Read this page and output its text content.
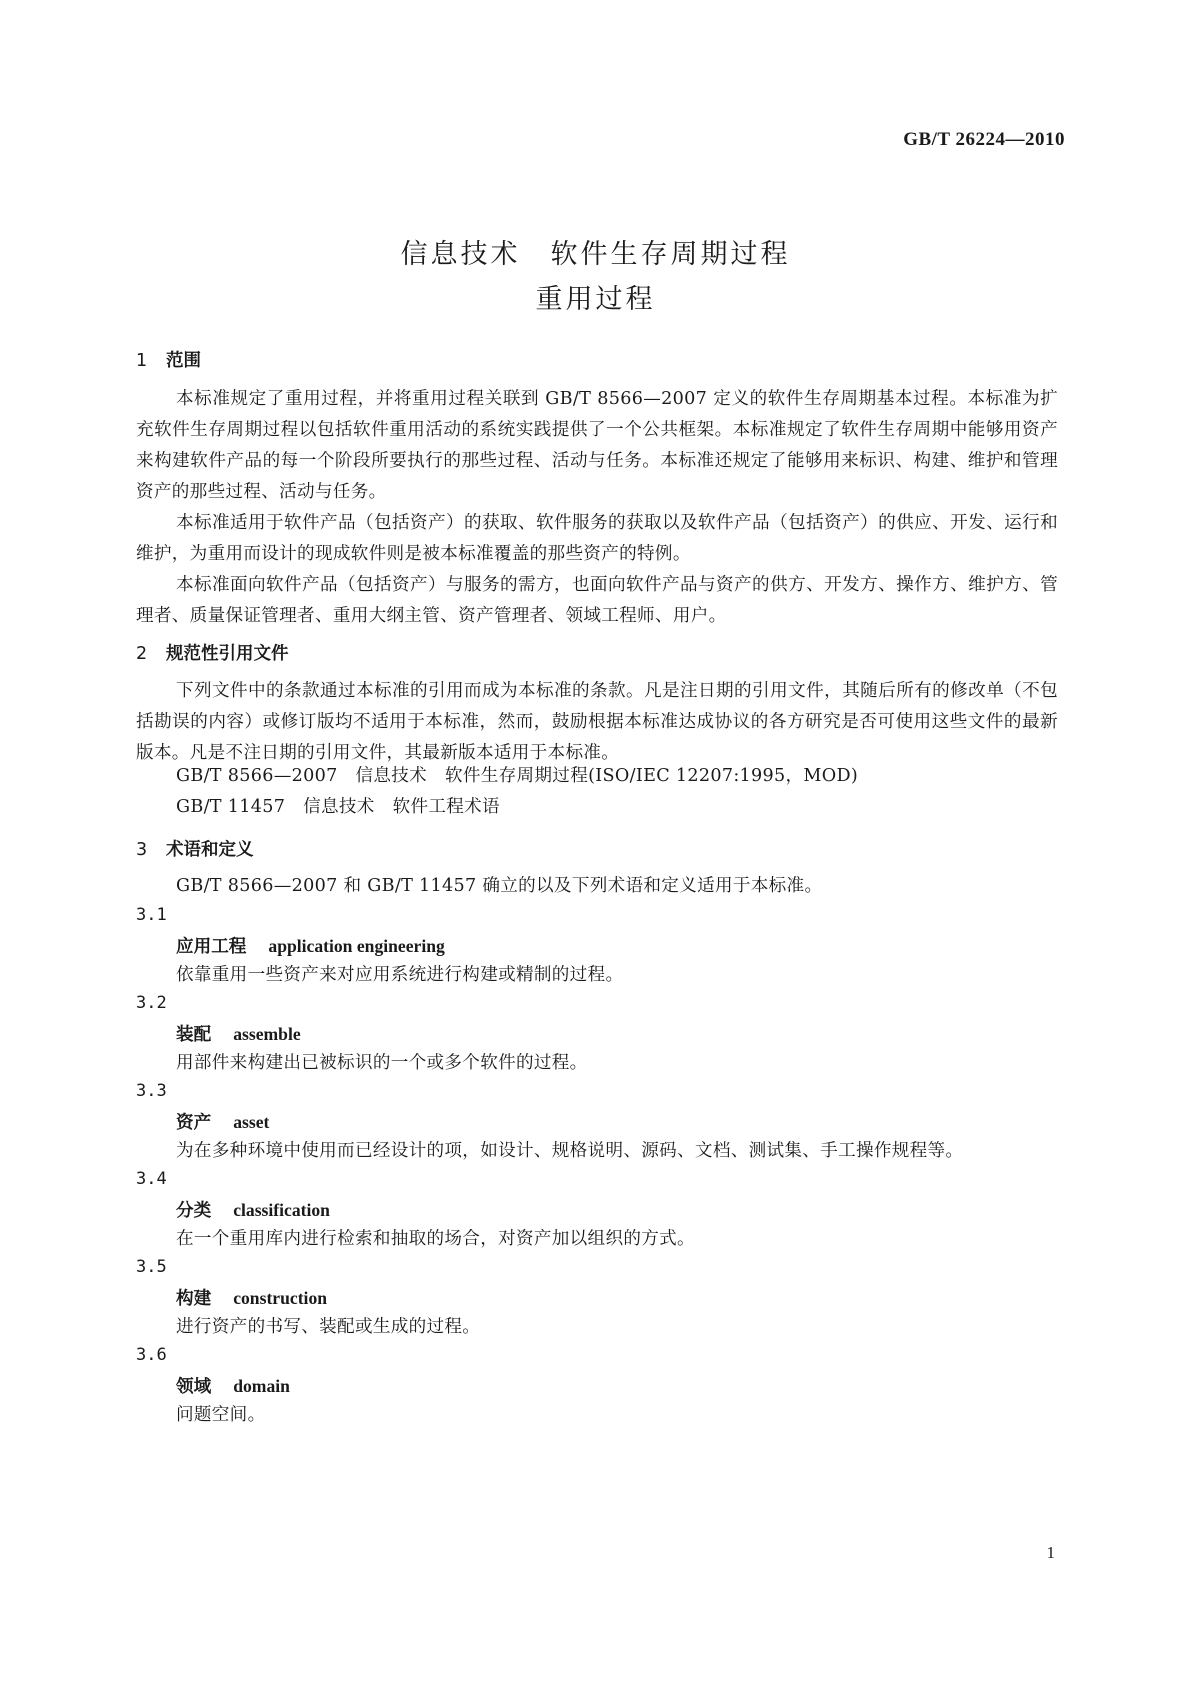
GB/T 26224—2010
信息技术　软件生存周期过程
重用过程
1 范围
本标准规定了重用过程，并将重用过程关联到 GB/T 8566—2007 定义的软件生存周期基本过程。本标准为扩充软件生存周期过程以包括软件重用活动的系统实践提供了一个公共框架。本标准规定了软件生存周期中能够用资产来构建软件产品的每一个阶段所要执行的那些过程、活动与任务。本标准还规定了能够用来标识、构建、维护和管理资产的那些过程、活动与任务。
本标准适用于软件产品（包括资产）的获取、软件服务的获取以及软件产品（包括资产）的供应、开发、运行和维护，为重用而设计的现成软件则是被本标准覆盖的那些资产的特例。
本标准面向软件产品（包括资产）与服务的需方，也面向软件产品与资产的供方、开发方、操作方、维护方、管理者、质量保证管理者、重用大纲主管、资产管理者、领域工程师、用户。
2 规范性引用文件
下列文件中的条款通过本标准的引用而成为本标准的条款。凡是注日期的引用文件，其随后所有的修改单（不包括勘误的内容）或修订版均不适用于本标准，然而，鼓励根据本标准达成协议的各方研究是否可使用这些文件的最新版本。凡是不注日期的引用文件，其最新版本适用于本标准。
GB/T 8566—2007　信息技术　软件生存周期过程(ISO/IEC 12207:1995，MOD)
GB/T 11457　信息技术　软件工程术语
3 术语和定义
GB/T 8566—2007 和 GB/T 11457 确立的以及下列术语和定义适用于本标准。
3.1
应用工程 application engineering
依靠重用一些资产来对应用系统进行构建或精制的过程。
3.2
装配 assemble
用部件来构建出已被标识的一个或多个软件的过程。
3.3
资产 asset
为在多种环境中使用而已经设计的项，如设计、规格说明、源码、文档、测试集、手工操作规程等。
3.4
分类 classification
在一个重用库内进行检索和抽取的场合，对资产加以组织的方式。
3.5
构建 construction
进行资产的书写、装配或生成的过程。
3.6
领域 domain
问题空间。
1
